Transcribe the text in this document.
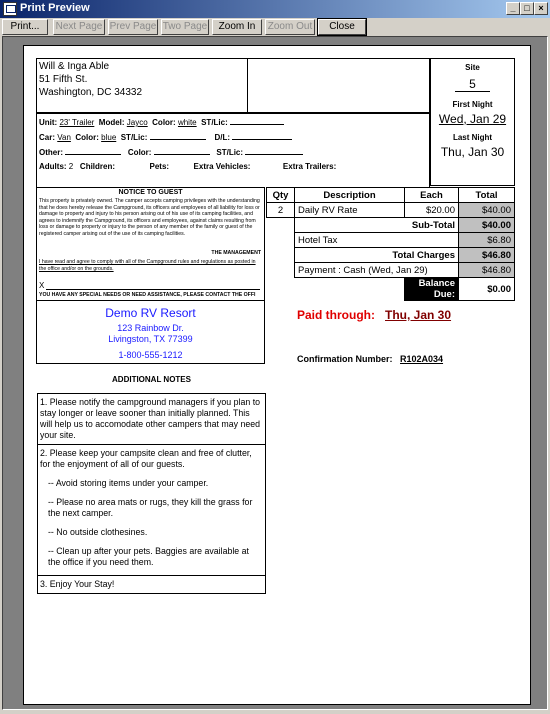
Print Preview	_ □ ×
Print...	Next Page Prev Page Two Page	Zoom In	Zoom Out	Close
Will & Inga Able
51 Fifth St.
Washington, DC 34332
Site
5
First Night
Wed, Jan 29
Last Night
Thu, Jan 30
Unit: 23' Trailer Model: Jayco Color: white ST/Lic:
Car: Van Color: blue ST/Lic:	D/L:
Other:	Color:	ST/Lic:
Adults: 2 Children:	Pets:	Extra Vehicles:	Extra Trailers:
NOTICE TO GUEST
This property is privately owned. The camper accepts camping privileges with the understanding that he does hereby release the Campground, its officers and employees of all liability for loss or damage to property and injury to his person arising out of his use of its camping facilities, and agrees to indemnify the Campground, its officers and employees, against claims resulting from loss or damage to property or injury to the person of any member of the family or guest of the registered camper arising out of the use of its camping facilities.
THE MANAGEMENT
I have read and agree to comply with all of the Campground rules and regulations as posted in the office and/or on the grounds.
X
YOU HAVE ANY SPECIAL NEEDS OR NEED ASSISTANCE, PLEASE CONTACT THE OFFI
Demo RV Resort
123 Rainbow Dr.
Livingston, TX 77399
1-800-555-1212
Qty	Description	Each	Total
2	Daily RV Rate	$20.00	$40.00
	Sub-Total		$40.00
	Hotel Tax		$6.80
	Total Charges		$46.80
	Payment : Cash (Wed, Jan 29)		$46.80
		Balance Due:	$0.00
Paid through: Thu, Jan 30
Confirmation Number: R102A034
ADDITIONAL NOTES
1. Please notify the campground managers if you plan to stay longer or leave sooner than initially planned. This will help us to accomodate other campers that may need your site.
2. Please keep your campsite clean and free of clutter, for the enjoyment of all of our guests.
-- Avoid storing items under your camper.
-- Please no area mats or rugs, they kill the grass for the next camper.
-- No outside clothesines.
-- Clean up after your pets. Baggies are available at the office if you need them.
3. Enjoy Your Stay!
